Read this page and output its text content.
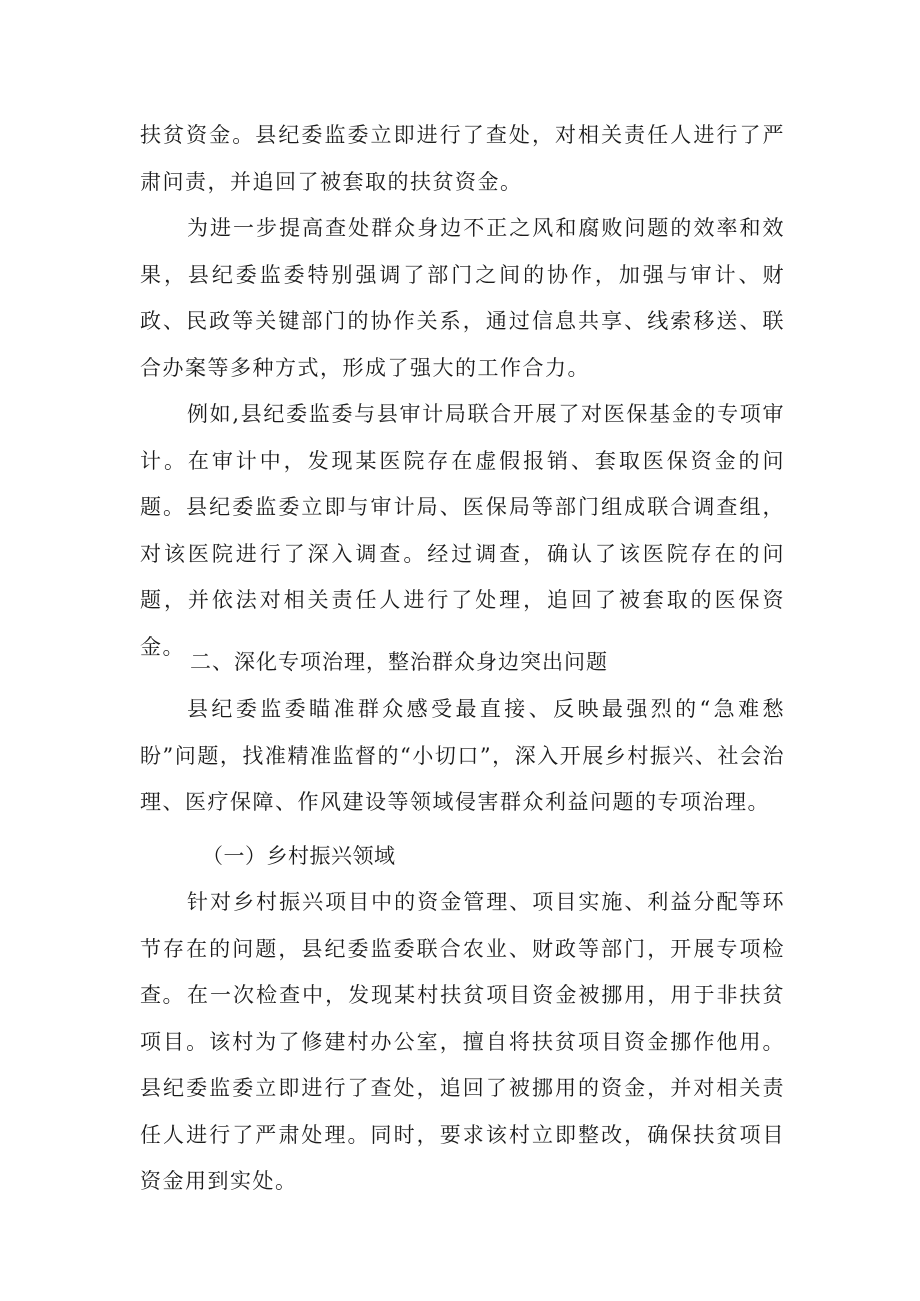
扶贫资金。县纪委监委立即进行了查处，对相关责任人进行了严肃问责，并追回了被套取的扶贫资金。

为进一步提高查处群众身边不正之风和腐败问题的效率和效果，县纪委监委特别强调了部门之间的协作，加强与审计、财政、民政等关键部门的协作关系，通过信息共享、线索移送、联合办案等多种方式，形成了强大的工作合力。

例如,县纪委监委与县审计局联合开展了对医保基金的专项审计。在审计中，发现某医院存在虚假报销、套取医保资金的问题。县纪委监委立即与审计局、医保局等部门组成联合调查组，对该医院进行了深入调查。经过调查，确认了该医院存在的问题，并依法对相关责任人进行了处理，追回了被套取的医保资金。

二、深化专项治理，整治群众身边突出问题

县纪委监委瞄准群众感受最直接、反映最强烈的“急难愁盼”问题，找准精准监督的“小切口”，深入开展乡村振兴、社会治理、医疗保障、作风建设等领域侵害群众利益问题的专项治理。

（一）乡村振兴领域

针对乡村振兴项目中的资金管理、项目实施、利益分配等环节存在的问题，县纪委监委联合农业、财政等部门，开展专项检查。 在一次检查中，发现某村扶贫项目资金被挪用，用于非扶贫项目。该村为了修建村办公室，擅自将扶贫项目资金挪作他用。县纪委监委立即进行了查处，追回了被挪用的资金，并对相关责任人进行了严肃处理。同时，要求该村立即整改，确保扶贫项目资金用到实处。
